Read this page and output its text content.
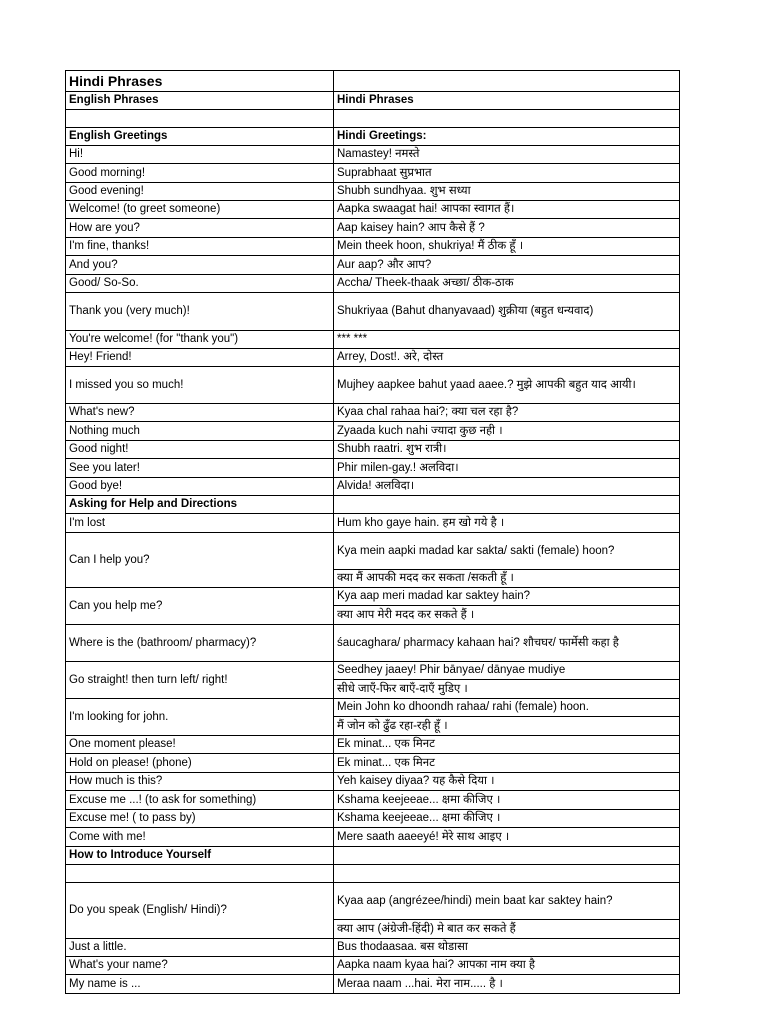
Hindi Phrases	
English Phrases	Hindi Phrases

English Greetings	Hindi Greetings:
Hi!	Namastey! नमस्ते
Good morning!	Suprabhaat सुप्रभात
Good evening!	Shubh sundhyaa. शुभ सध्या
Welcome! (to greet someone)	Aapka swaagat hai! आपका स्वागत हैं।
How are you?	Aap kaisey hain? आप कैसे हैं ?
I'm fine, thanks!	Mein theek hoon, shukriya! मैं ठीक हूँ ।
And you?	Aur aap? और आप?
Good/ So-So.	Accha/ Theek-thaak अच्छा/ ठीक-ठाक
Thank you (very much)!	Shukriyaa (Bahut dhanyavaad) शुक्रीया (बहुत धन्यवाद)
You're welcome! (for "thank you")	*** ***
Hey! Friend!	Arrey, Dost!. अरे, दोस्त
I missed you so much!	Mujhey aapkee bahut yaad aaee.? मुझे आपकी बहुत याद आयी।
What's new?	Kyaa chal rahaa hai?; क्या चल रहा है?
Nothing much	Zyaada kuch nahi ज्यादा कुछ नही ।
Good night!	Shubh raatri. शुभ रात्री।
See you later!	Phir milen-gay.! अलविदा।
Good bye!	Alvida! अलविदा।
Asking for Help and Directions	
I'm lost	Hum kho gaye hain. हम खो गये है ।
Can I help you?	Kya mein aapki madad kar sakta/ sakti (female) hoon?
	क्या मैं आपकी मदद कर सकता /सकती हूँ ।
Can you help me?	Kya aap meri madad kar saktey hain?
	क्या आप मेरी मदद कर सकते हैं ।
Where is the (bathroom/ pharmacy)?	śaucaghara/ pharmacy kahaan hai? शौचघर/ फार्मेसी कहा है
Go straight! then turn left/ right!	Seedhey jaaey! Phir bānyae/ dānyae mudiye
	सीधे जाएँ-फिर बाएँ-दाएँ मुडिए ।
I'm looking for john.	Mein John ko dhoondh rahaa/ rahi (female) hoon.
	मैं जोन को ढुँढ रहा-रही हूँ ।
One moment please!	Ek minat... एक मिनट
Hold on please! (phone)	Ek minat... एक मिनट
How much is this?	Yeh kaisey diyaa? यह कैसे दिया ।
Excuse me ...! (to ask for something)	Kshama keejeeae... क्षमा कीजिए ।
Excuse me! ( to pass by)	Kshama keejeeae... क्षमा कीजिए ।
Come with me!	Mere saath aaeeyé! मेरे साथ आइए ।
How to Introduce Yourself	

Do you speak (English/ Hindi)?	Kyaa aap (angrézee/hindi) mein baat kar saktey hain?
	क्या आप (अंग्रेजी-हिंदी) मे बात कर सकते हैं
Just a little.	Bus thodaasaa. बस थोडासा
What's your name?	Aapka naam kyaa hai? आपका नाम क्या है
My name is ...	Meraa naam ...hai. मेरा नाम..... है ।
